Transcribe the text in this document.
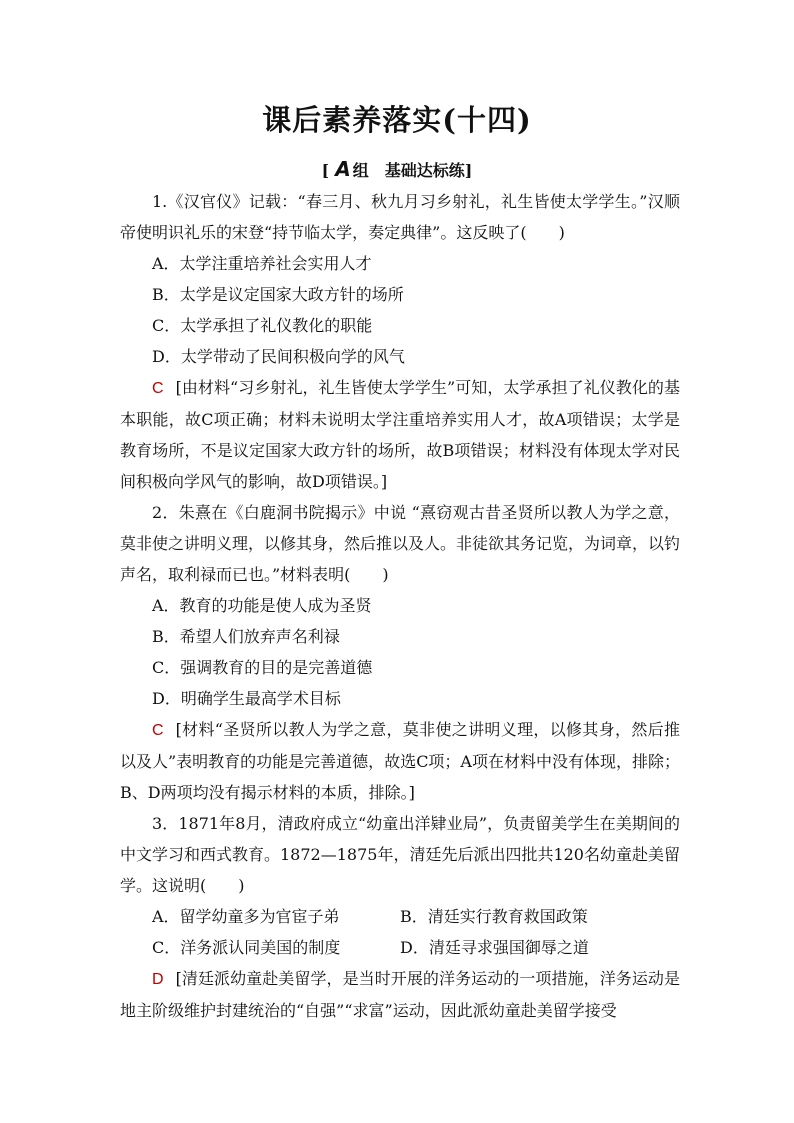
课后素养落实(十四)
[ A 组　基础达标练]
1.《汉官仪》记载：“春三月、秋九月习乡射礼，礼生皆使太学学生。”汉顺帝使明识礼乐的宋登“持节临太学，奏定典律”。这反映了(　　)
A．太学注重培养社会实用人才
B．太学是议定国家大政方针的场所
C．太学承担了礼仪教化的职能
D．太学带动了民间积极向学的风气
C [由材料“习乡射礼，礼生皆使太学学生”可知，太学承担了礼仪教化的基本职能，故C项正确；材料未说明太学注重培养实用人才，故A项错误；太学是教育场所，不是议定国家大政方针的场所，故B项错误；材料没有体现太学对民间积极向学风气的影响，故D项错误。]
2．朱熹在《白鹿洞书院揭示》中说 “熹窃观古昔圣贤所以教人为学之意，莫非使之讲明义理，以修其身，然后推以及人。非徒欲其务记览，为词章，以钓声名，取利禄而已也。”材料表明(　　)
A．教育的功能是使人成为圣贤
B．希望人们放弃声名利禄
C．强调教育的目的是完善道德
D．明确学生最高学术目标
C [材料“圣贤所以教人为学之意，莫非使之讲明义理，以修其身，然后推以及人”表明教育的功能是完善道德，故选C项；A项在材料中没有体现，排除；B、D两项均没有揭示材料的本质，排除。]
3．1871年8月，清政府成立“幼童出洋肄业局”，负责留美学生在美期间的中文学习和西式教育。1872—1875年，清廷先后派出四批共120名幼童赴美留学。这说明(　　)
A．留学幼童多为官宦子弟	B．清廷实行教育救国政策
C．洋务派认同美国的制度	D．清廷寻求强国御辱之道
D [清廷派幼童赴美留学，是当时开展的洋务运动的一项措施，洋务运动是地主阶级维护封建统治的“自强”“求富”运动，因此派幼童赴美留学接受
